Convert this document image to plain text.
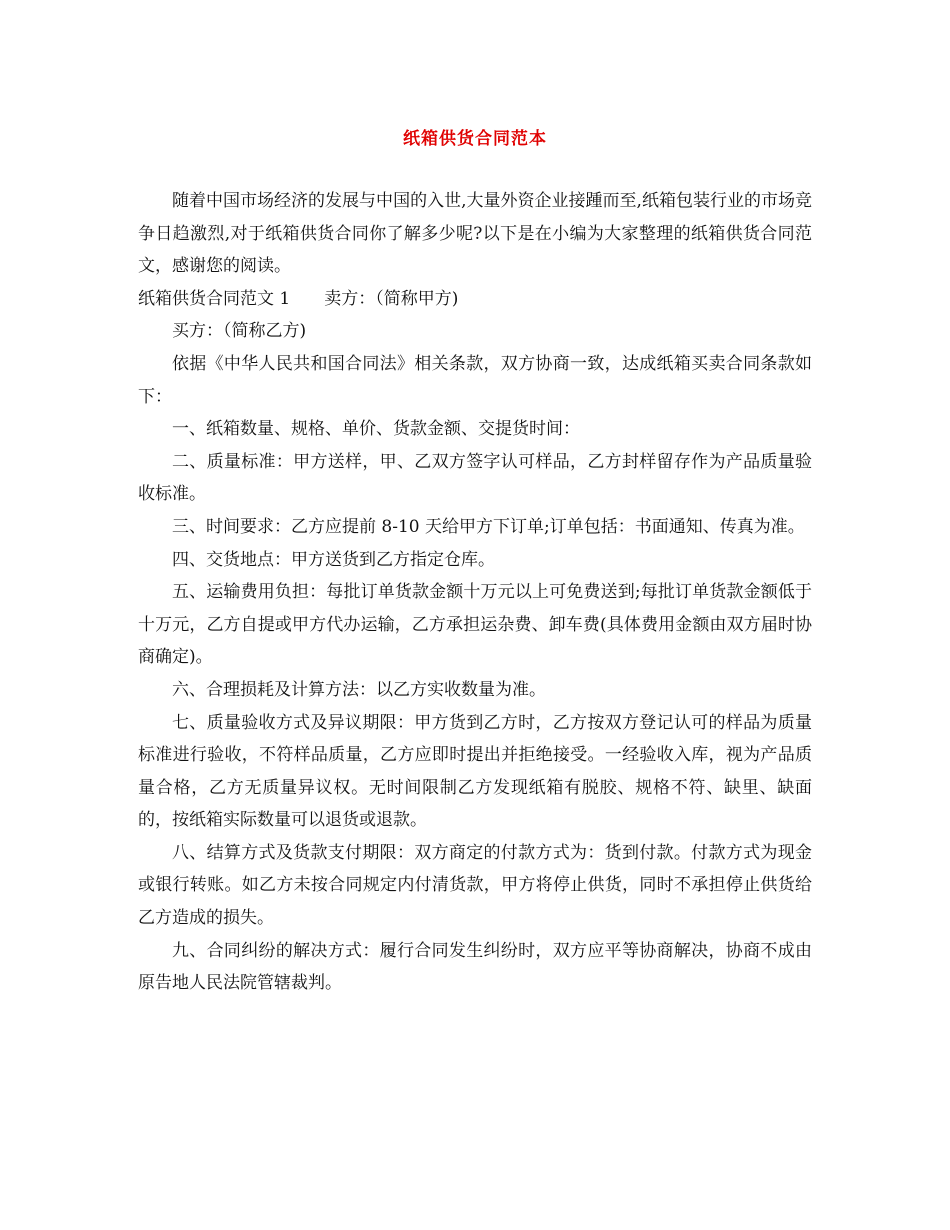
纸箱供货合同范本

随着中国市场经济的发展与中国的入世,大量外资企业接踵而至,纸箱包装行业的市场竞争日趋激烈,对于纸箱供货合同你了解多少呢?以下是在小编为大家整理的纸箱供货合同范文，感谢您的阅读。

纸箱供货合同范文 1 卖方：（简称甲方)

买方：（简称乙方)

依据《中华人民共和国合同法》相关条款，双方协商一致，达成纸箱买卖合同条款如下：

一、纸箱数量、规格、单价、货款金额、交提货时间：

二、质量标准：甲方送样，甲、乙双方签字认可样品，乙方封样留存作为产品质量验收标准。

三、时间要求：乙方应提前 8-10 天给甲方下订单;订单包括：书面通知、传真为准。

四、交货地点：甲方送货到乙方指定仓库。

五、运输费用负担：每批订单货款金额十万元以上可免费送到;每批订单货款金额低于十万元，乙方自提或甲方代办运输，乙方承担运杂费、卸车费(具体费用金额由双方届时协商确定)。

六、合理损耗及计算方法：以乙方实收数量为准。

七、质量验收方式及异议期限：甲方货到乙方时，乙方按双方登记认可的样品为质量标准进行验收，不符样品质量，乙方应即时提出并拒绝接受。一经验收入库，视为产品质量合格，乙方无质量异议权。无时间限制乙方发现纸箱有脱胶、规格不符、缺里、缺面的，按纸箱实际数量可以退货或退款。

八、结算方式及货款支付期限：双方商定的付款方式为：货到付款。付款方式为现金或银行转账。如乙方未按合同规定内付清货款，甲方将停止供货，同时不承担停止供货给乙方造成的损失。

九、合同纠纷的解决方式：履行合同发生纠纷时，双方应平等协商解决，协商不成由原告地人民法院管辖裁判。
